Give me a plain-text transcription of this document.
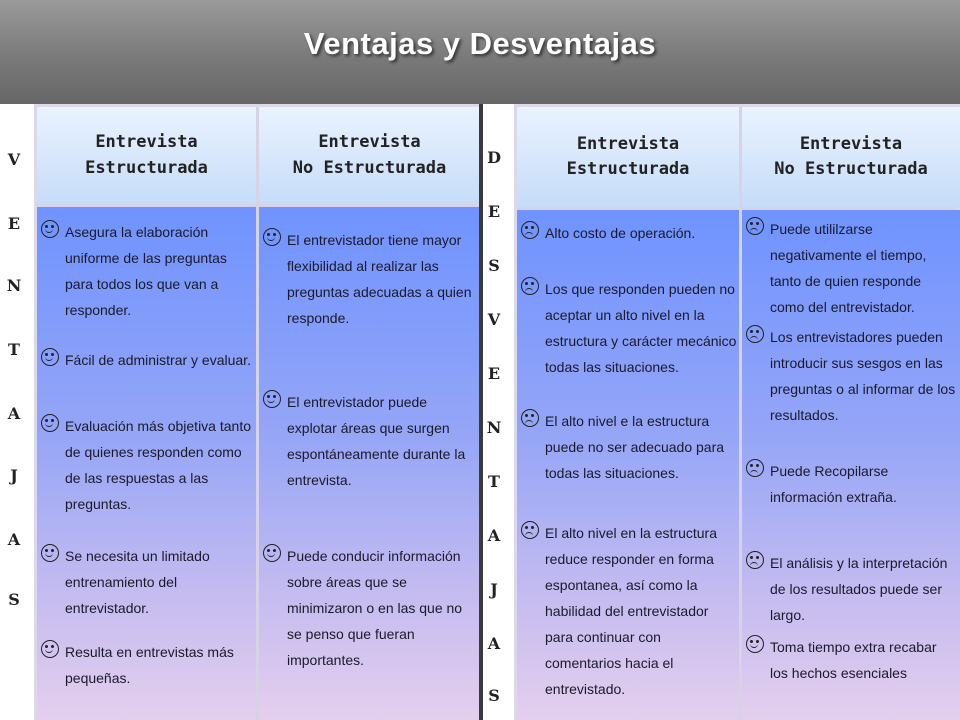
Ventajas y Desventajas
V
E
N
T
A
J
A
S
Entrevista
Estructurada
Entrevista
No Estructurada
Asegura la elaboración uniforme de las preguntas para todos los que van a responder.
Fácil de administrar y evaluar.
Evaluación más objetiva tanto de quienes responden como de las respuestas a las preguntas.
Se necesita un limitado entrenamiento del entrevistador.
Resulta en entrevistas más pequeñas.
El entrevistador tiene mayor flexibilidad al realizar las preguntas adecuadas a quien responde.
El entrevistador puede explotar áreas que surgen espontáneamente durante la entrevista.
Puede conducir información sobre áreas que se minimizaron o en las que no se penso que fueran importantes.
D
E
S
V
E
N
T
A
J
A
S
Entrevista
Estructurada
Entrevista
No Estructurada
Alto costo de operación.
Los que responden pueden no aceptar un alto nivel en la estructura y carácter mecánico todas las situaciones.
El alto nivel e la estructura puede no ser adecuado para todas las situaciones.
El alto nivel en la estructura reduce responder en forma espontanea, así como la habilidad del entrevistador para continuar con comentarios hacia el entrevistado.
Puede utililzarse negativamente el tiempo, tanto de quien responde como del entrevistador.
Los entrevistadores pueden introducir sus sesgos en las preguntas o al informar de los resultados.
Puede Recopilarse información extraña.
El análisis y la interpretación de los resultados puede ser largo.
Toma tiempo extra recabar los hechos esenciales
